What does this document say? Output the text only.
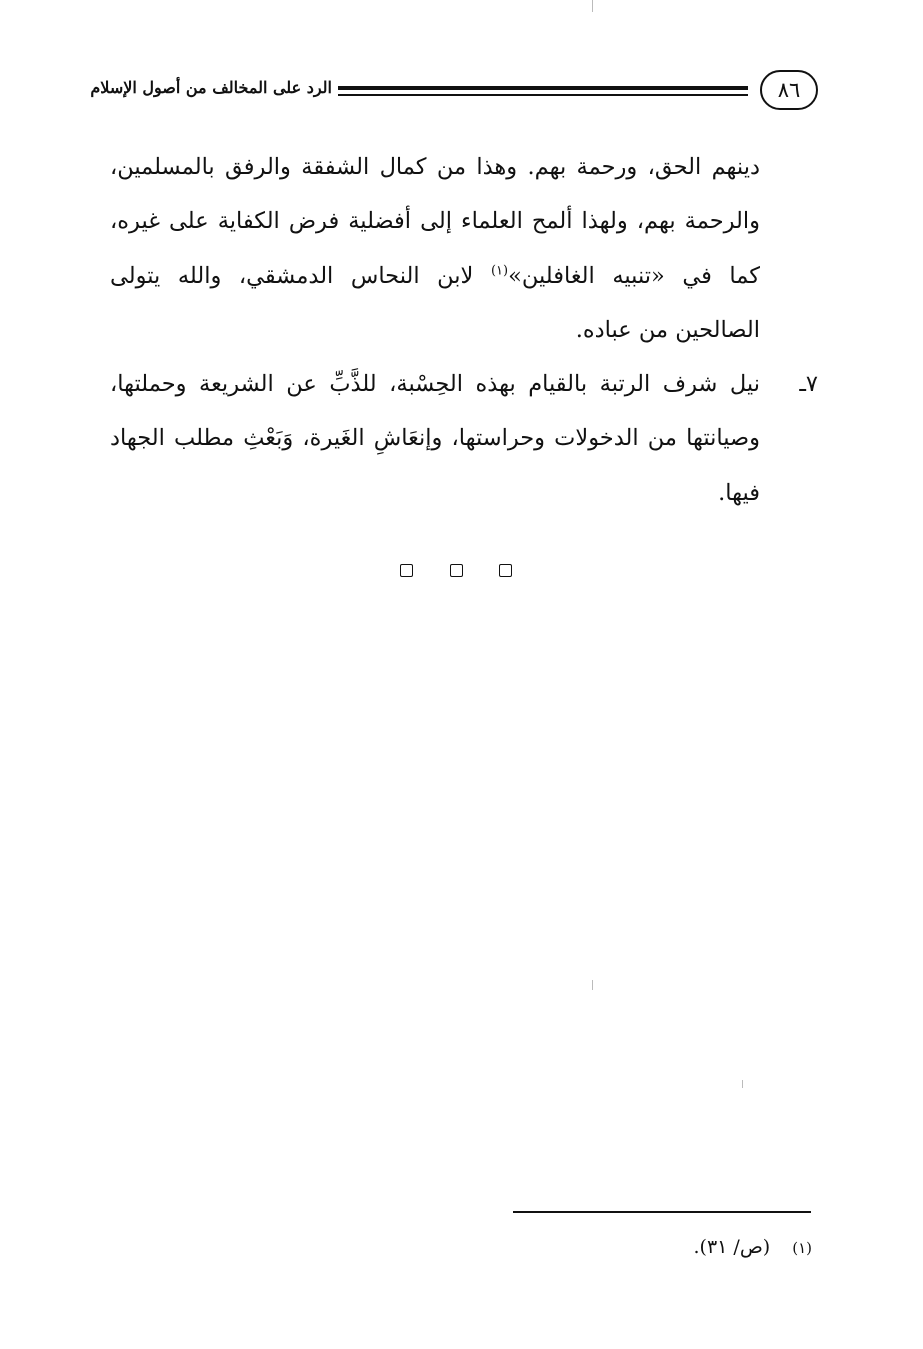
٨٦
الرد على المخالف من أصول الإسلام

دينهم الحق، ورحمة بهم. وهذا من كمال الشفقة والرفق بالمسلمين، والرحمة بهم، ولهذا ألمح العلماء إلى أفضلية فرض الكفاية على غيره، كما في «تنبيه الغافلين»$^{(١)}$ لابن النحاس الدمشقي، والله يتولى الصالحين من عباده.

٧ـ
نيل شرف الرتبة بالقيام بهذه الحِسْبة، للذَّبِّ عن الشريعة وحملتها، وصيانتها من الدخولات وحراستها، وإنعَاشِ الغَيرة، وَبَعْثِ مطلب الجهاد فيها.

(١)(ص/ ٣١).
